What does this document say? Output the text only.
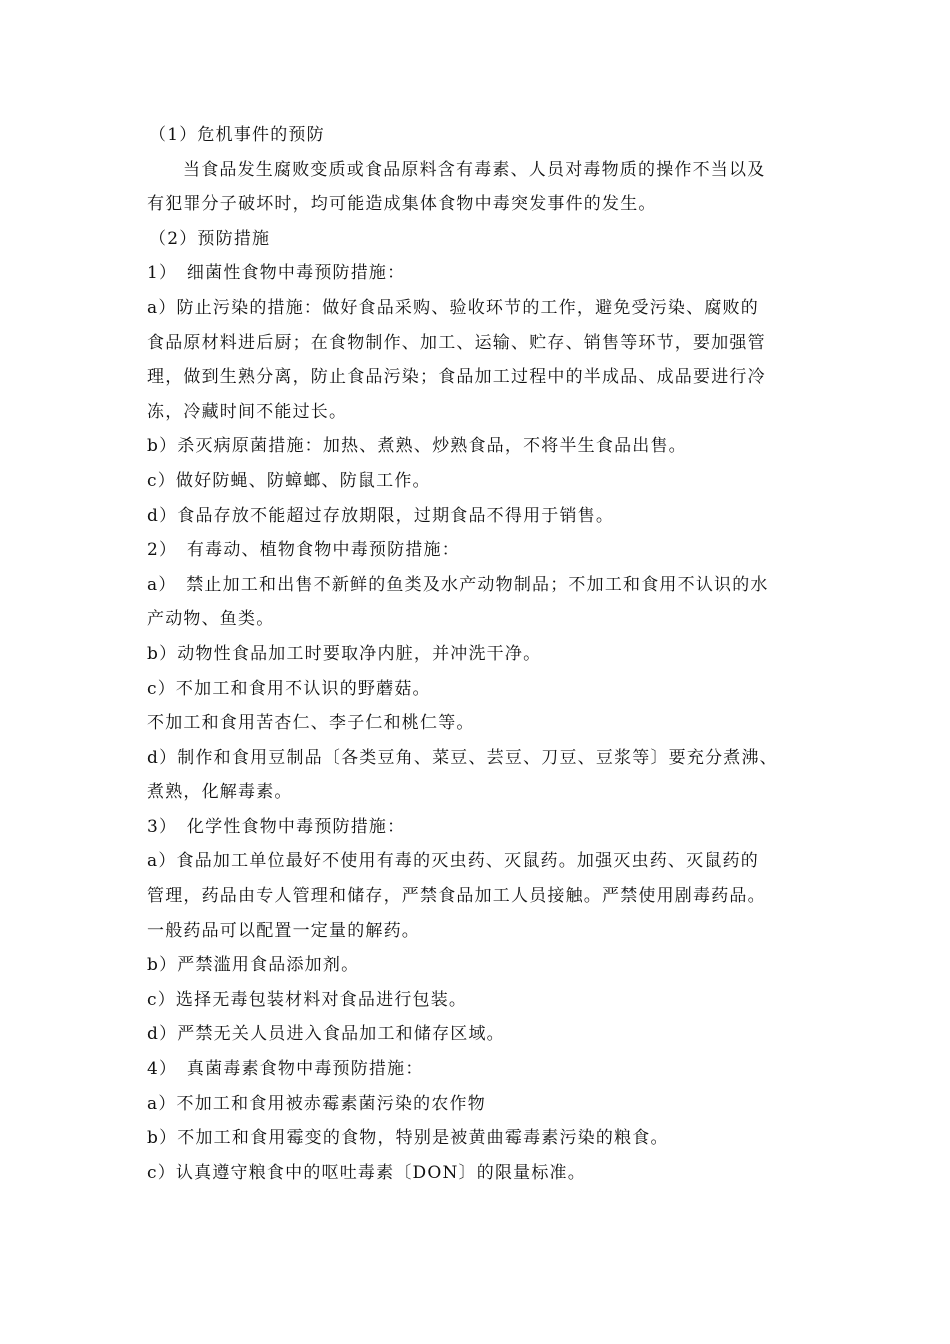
（1）危机事件的预防
当食品发生腐败变质或食品原料含有毒素、人员对毒物质的操作不当以及
有犯罪分子破坏时，均可能造成集体食物中毒突发事件的发生。
（2）预防措施
1）　细菌性食物中毒预防措施：
a）防止污染的措施：做好食品采购、验收环节的工作，避免受污染、腐败的
食品原材料进后厨；在食物制作、加工、运输、贮存、销售等环节，要加强管
理，做到生熟分离，防止食品污染；食品加工过程中的半成品、成品要进行冷
冻，冷藏时间不能过长。
b）杀灭病原菌措施：加热、煮熟、炒熟食品，不将半生食品出售。
c）做好防蝇、防蟑螂、防鼠工作。
d）食品存放不能超过存放期限，过期食品不得用于销售。
2）　有毒动、植物食物中毒预防措施：
a）　禁止加工和出售不新鲜的鱼类及水产动物制品；不加工和食用不认识的水
产动物、鱼类。
b）动物性食品加工时要取净内脏，并冲洗干净。
c）不加工和食用不认识的野蘑菇。
不加工和食用苦杏仁、李子仁和桃仁等。
d）制作和食用豆制品〔各类豆角、菜豆、芸豆、刀豆、豆浆等〕要充分煮沸、
煮熟，化解毒素。
3）　化学性食物中毒预防措施：
a）食品加工单位最好不使用有毒的灭虫药、灭鼠药。加强灭虫药、灭鼠药的
管理，药品由专人管理和储存，严禁食品加工人员接触。严禁使用剧毒药品。
一般药品可以配置一定量的解药。
b）严禁滥用食品添加剂。
c）选择无毒包装材料对食品进行包装。
d）严禁无关人员进入食品加工和储存区域。
4）　真菌毒素食物中毒预防措施：
a）不加工和食用被赤霉素菌污染的农作物
b）不加工和食用霉变的食物，特别是被黄曲霉毒素污染的粮食。
c）认真遵守粮食中的呕吐毒素〔DON〕的限量标准。
